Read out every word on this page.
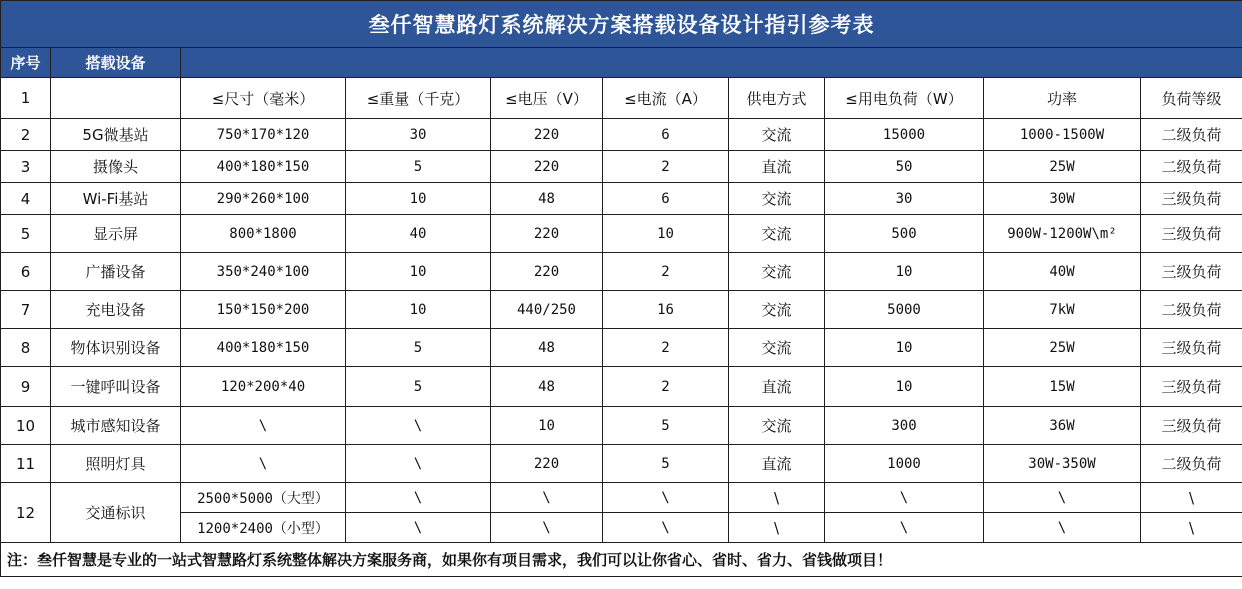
叁仟智慧路灯系统解决方案搭载设备设计指引参考表									
序号	搭载设备								
1		≤尺寸（毫米）	≤重量（千克）	≤电压（V）	≤电流（A）	供电方式	≤用电负荷（W）	功率	负荷等级
2	5G微基站	750*170*120	30	220	6	交流	15000	1000-1500W	二级负荷
3	摄像头	400*180*150	5	220	2	直流	50	25W	二级负荷
4	Wi-Fi基站	290*260*100	10	48	6	交流	30	30W	三级负荷
5	显示屏	800*1800	40	220	10	交流	500	900W-1200W\m²	三级负荷
6	广播设备	350*240*100	10	220	2	交流	10	40W	三级负荷
7	充电设备	150*150*200	10	440/250	16	交流	5000	7kW	二级负荷
8	物体识别设备	400*180*150	5	48	2	交流	10	25W	三级负荷
9	一键呼叫设备	120*200*40	5	48	2	直流	10	15W	三级负荷
10	城市感知设备	\	\	10	5	交流	300	36W	三级负荷
11	照明灯具	\	\	220	5	直流	1000	30W-350W	二级负荷
12	交通标识	2500*5000（大型）	\	\	\	\	\	\	\
		1200*2400（小型）	\	\	\	\	\	\	\
注：叁仟智慧是专业的一站式智慧路灯系统整体解决方案服务商，如果你有项目需求，我们可以让你省心、省时、省力、省钱做项目！									
